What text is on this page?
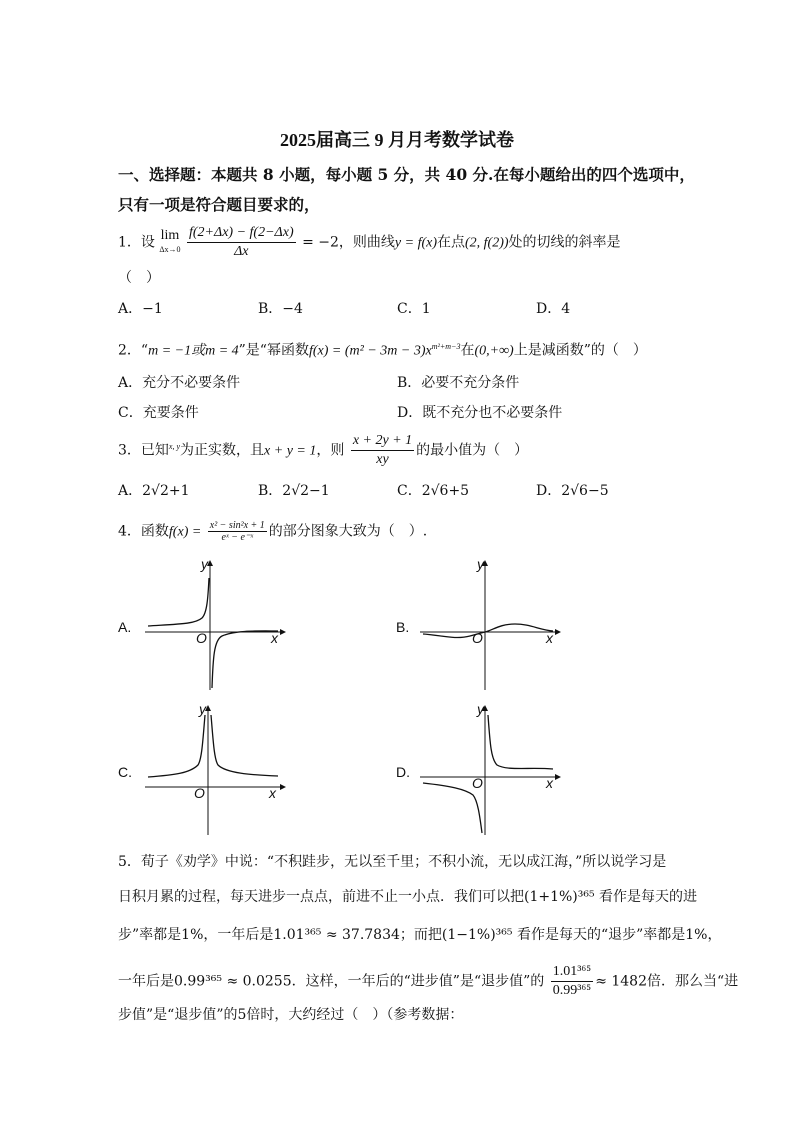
2025届高三 9 月月考数学试卷
一、选择题：本题共 8 小题，每小题 5 分，共 40 分.在每小题给出的四个选项中，
只有一项是符合题目要求的，
1．设 lim
Δx→0
$\frac{f(2+\Delta x) - f(2-\Delta x)}{\Delta x} = -2$，则曲线y = f(x)在点(2, f(2))处的切线的斜率是
（　）
A．−1	B．−4	C．1	D．4
2．“m = −1或m = 4”是“幂函数$f(x) = (m^2 - 3m - 3)x^{m^2+m-3}$在(0,+∞)上是减函数”的（　）
A．充分不必要条件	B．必要不充分条件
C．充要条件	D．既不充分也不必要条件
3．已知$^{x, y}$为正实数，且x + y = 1，则 $\frac{x + 2y + 1}{xy}$ 的最小值为（　）
A．2√2+1	B．2√2−1	C．2√6+5	D．2√6−5
4．函数$f(x) = \frac{\text{x² − sin²x + 1}}{\text{eˣ − e⁻ˣ}}$ 的部分图象大致为（　）.
A.
y
x
O
B.
y
x
O
C.
y
x
O
D.
y
x
O
5．荀子《劝学》中说：“不积跬步，无以至千里；不积小流，无以成江海，”所以说学习是
日积月累的过程，每天进步一点点，前进不止一小点．我们可以把(1+1%)³⁶⁵ 看作是每天的进
步”率都是1%，一年后是1.01³⁶⁵ ≈ 37.7834；而把(1−1%)³⁶⁵ 看作是每天的“退步”率都是1%，
一年后是0.99³⁶⁵ ≈ 0.0255．这样，一年后的“进步值”是“退步值”的 $\frac{\text{1.01³⁶⁵}}{\text{0.99³⁶⁵}} \approx 1482$倍．那么当“进
步值”是“退步值”的5倍时，大约经过（　）（参考数据：
